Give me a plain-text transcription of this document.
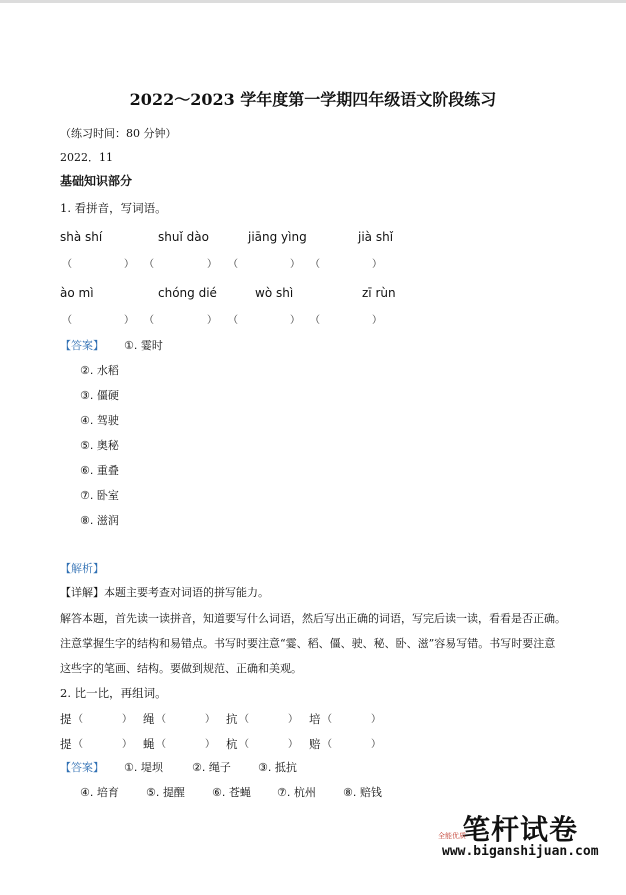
2022～2023 学年度第一学期四年级语文阶段练习
（练习时间：80 分钟）
2022．11
基础知识部分
1. 看拼音，写词语。
shà shí	shuǐ dào	jiāng yìng	jià shǐ
（	） （	） （	） （	）
ào mì	chóng dié	wò shì	zī rùn
（	） （	） （	） （	）
【答案】 ①. 霎时
②. 水稻
③. 僵硬
④. 驾驶
⑤. 奥秘
⑥. 重叠
⑦. 卧室
⑧. 滋润
【解析】
【详解】本题主要考查对词语的拼写能力。
解答本题，首先读一读拼音，知道要写什么词语，然后写出正确的词语，写完后读一读，看看是否正确。
注意掌握生字的结构和易错点。书写时要注意“霎、稻、僵、驶、秘、卧、滋”容易写错。书写时要注意
这些字的笔画、结构。要做到规范、正确和美观。
2. 比一比，再组词。
提 （	） 绳 （	） 抗 （	） 培 （	）
提 （	） 蝇 （	） 杭 （	） 赔 （	）
【答案】 ①. 堤坝	②. 绳子 ③. 抵抗
④. 培育 ⑤. 提醒 ⑥. 苍蝇 ⑦. 杭州 ⑧. 赔钱
笔杆试卷
全能优质
www.biganshijuan.com
